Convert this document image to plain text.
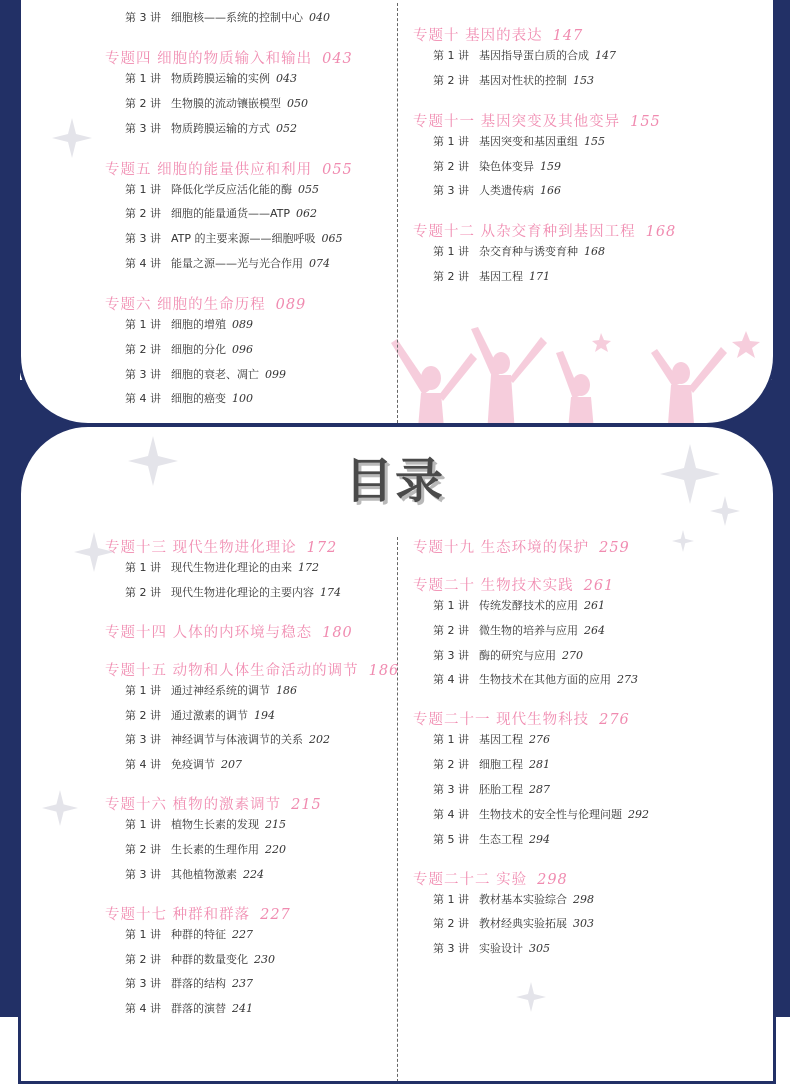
第 3 讲 细胞核——系统的控制中心 040
专题四 细胞的物质输入和输出 043
第 1 讲 物质跨膜运输的实例 043
第 2 讲 生物膜的流动镶嵌模型 050
第 3 讲 物质跨膜运输的方式 052
专题五 细胞的能量供应和利用 055
第 1 讲 降低化学反应活化能的酶 055
第 2 讲 细胞的能量通货——ATP 062
第 3 讲 ATP 的主要来源——细胞呼吸 065
第 4 讲 能量之源——光与光合作用 074
专题六 细胞的生命历程 089
第 1 讲 细胞的增殖 089
第 2 讲 细胞的分化 096
第 3 讲 细胞的衰老、凋亡 099
第 4 讲 细胞的癌变 100
专题十 基因的表达 147
第 1 讲 基因指导蛋白质的合成 147
第 2 讲 基因对性状的控制 153
专题十一 基因突变及其他变异 155
第 1 讲 基因突变和基因重组 155
第 2 讲 染色体变异 159
第 3 讲 人类遗传病 166
专题十二 从杂交育种到基因工程 168
第 1 讲 杂交育种与诱变育种 168
第 2 讲 基因工程 171
专题十三 现代生物进化理论 172
第 1 讲 现代生物进化理论的由来 172
第 2 讲 现代生物进化理论的主要内容 174
专题十四 人体的内环境与稳态 180
专题十五 动物和人体生命活动的调节 186
第 1 讲 通过神经系统的调节 186
第 2 讲 通过激素的调节 194
第 3 讲 神经调节与体液调节的关系 202
第 4 讲 免疫调节 207
专题十六 植物的激素调节 215
第 1 讲 植物生长素的发现 215
第 2 讲 生长素的生理作用 220
第 3 讲 其他植物激素 224
专题十七 种群和群落 227
第 1 讲 种群的特征 227
第 2 讲 种群的数量变化 230
第 3 讲 群落的结构 237
第 4 讲 群落的演替 241
专题十九 生态环境的保护 259
专题二十 生物技术实践 261
第 1 讲 传统发酵技术的应用 261
第 2 讲 微生物的培养与应用 264
第 3 讲 酶的研究与应用 270
第 4 讲 生物技术在其他方面的应用 273
专题二十一 现代生物科技 276
第 1 讲 基因工程 276
第 2 讲 细胞工程 281
第 3 讲 胚胎工程 287
第 4 讲 生物技术的安全性与伦理问题 292
第 5 讲 生态工程 294
专题二十二 实验 298
第 1 讲 教材基本实验综合 298
第 2 讲 教材经典实验拓展 303
第 3 讲 实验设计 305
目录
